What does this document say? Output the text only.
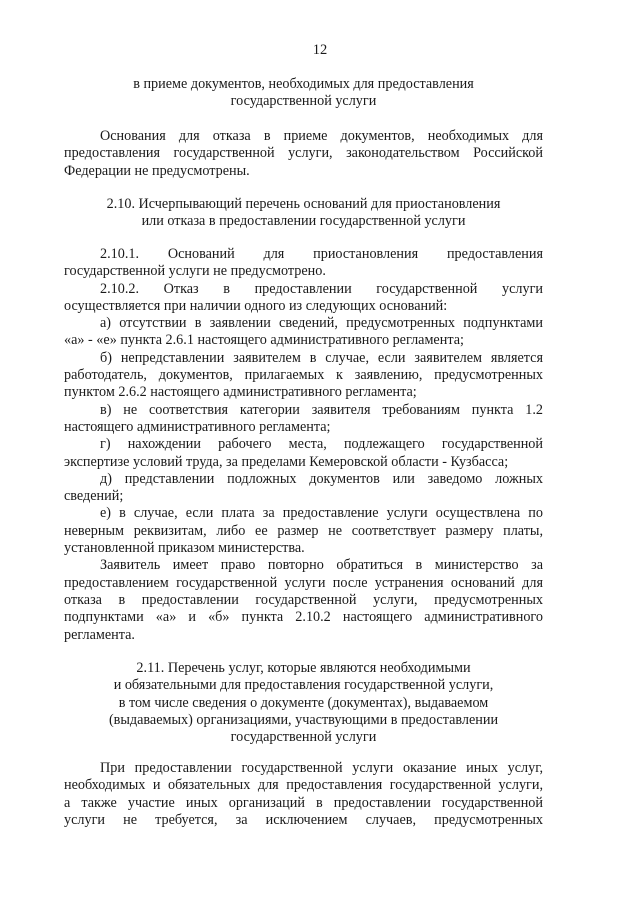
12
в приеме документов, необходимых для предоставления
государственной услуги
Основания для отказа в приеме документов, необходимых для
предоставления государственной услуги, законодательством Российской
Федерации не предусмотрены.
2.10. Исчерпывающий перечень оснований для приостановления
или отказа в предоставлении государственной услуги
2.10.1. Оснований для приостановления предоставления
государственной услуги не предусмотрено.
2.10.2. Отказ в предоставлении государственной услуги
осуществляется при наличии одного из следующих оснований:
а) отсутствии в заявлении сведений, предусмотренных подпунктами
«а» - «е» пункта 2.6.1 настоящего административного регламента;
б) непредставлении заявителем в случае, если заявителем является
работодатель, документов, прилагаемых к заявлению, предусмотренных
пунктом 2.6.2 настоящего административного регламента;
в) не соответствия категории заявителя требованиям пункта 1.2
настоящего административного регламента;
г) нахождении рабочего места, подлежащего государственной
экспертизе условий труда, за пределами Кемеровской области - Кузбасса;
д) представлении подложных документов или заведомо ложных
сведений;
е) в случае, если плата за предоставление услуги осуществлена по
неверным реквизитам, либо ее размер не соответствует размеру платы,
установленной приказом министерства.
Заявитель имеет право повторно обратиться в министерство за
предоставлением государственной услуги после устранения оснований для
отказа в предоставлении государственной услуги, предусмотренных
подпунктами «а» и «б» пункта 2.10.2 настоящего административного
регламента.
2.11. Перечень услуг, которые являются необходимыми
и обязательными для предоставления государственной услуги,
в том числе сведения о документе (документах), выдаваемом
(выдаваемых) организациями, участвующими в предоставлении
государственной услуги
При предоставлении государственной услуги оказание иных услуг,
необходимых и обязательных для предоставления государственной услуги,
а также участие иных организаций в предоставлении государственной
услуги не требуется, за исключением случаев, предусмотренных
